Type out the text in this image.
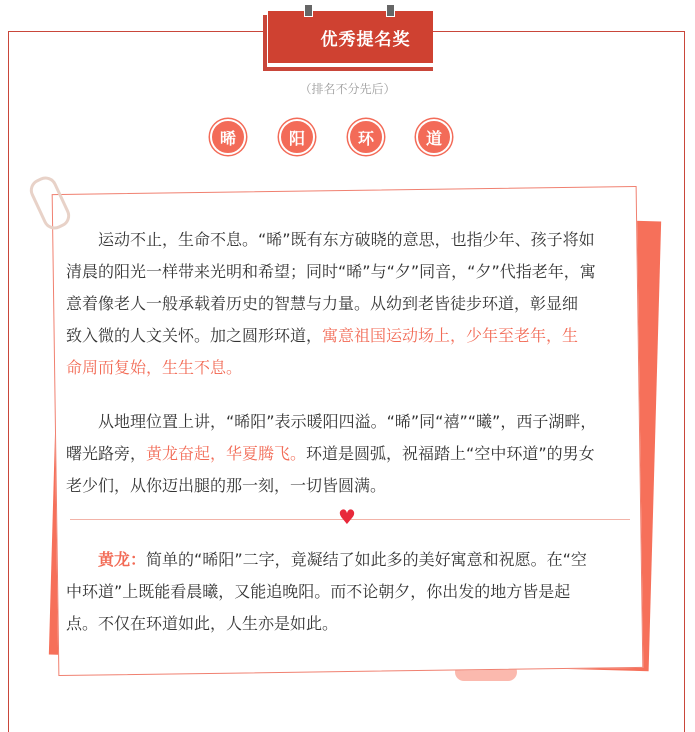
优秀提名奖
（排名不分先后）
晞	阳	环	道
　　运动不止，生命不息。“晞”既有东方破晓的意思，也指少年、孩子将如
清晨的阳光一样带来光明和希望；同时“晞”与“夕”同音，“夕”代指老年，寓
意着像老人一般承载着历史的智慧与力量。从幼到老皆徒步环道，彰显细
致入微的人文关怀。加之圆形环道，寓意祖国运动场上，少年至老年，生
命周而复始，生生不息。
　　从地理位置上讲，“晞阳”表示暖阳四溢。“晞”同“禧”“曦”，西子湖畔，
曙光路旁，黄龙奋起，华夏腾飞。环道是圆弧，祝福踏上“空中环道”的男女
老少们，从你迈出腿的那一刻，一切皆圆满。
　　黄龙：简单的“晞阳”二字，竟凝结了如此多的美好寓意和祝愿。在“空
中环道”上既能看晨曦，又能追晚阳。而不论朝夕，你出发的地方皆是起
点。不仅在环道如此，人生亦是如此。
♥
